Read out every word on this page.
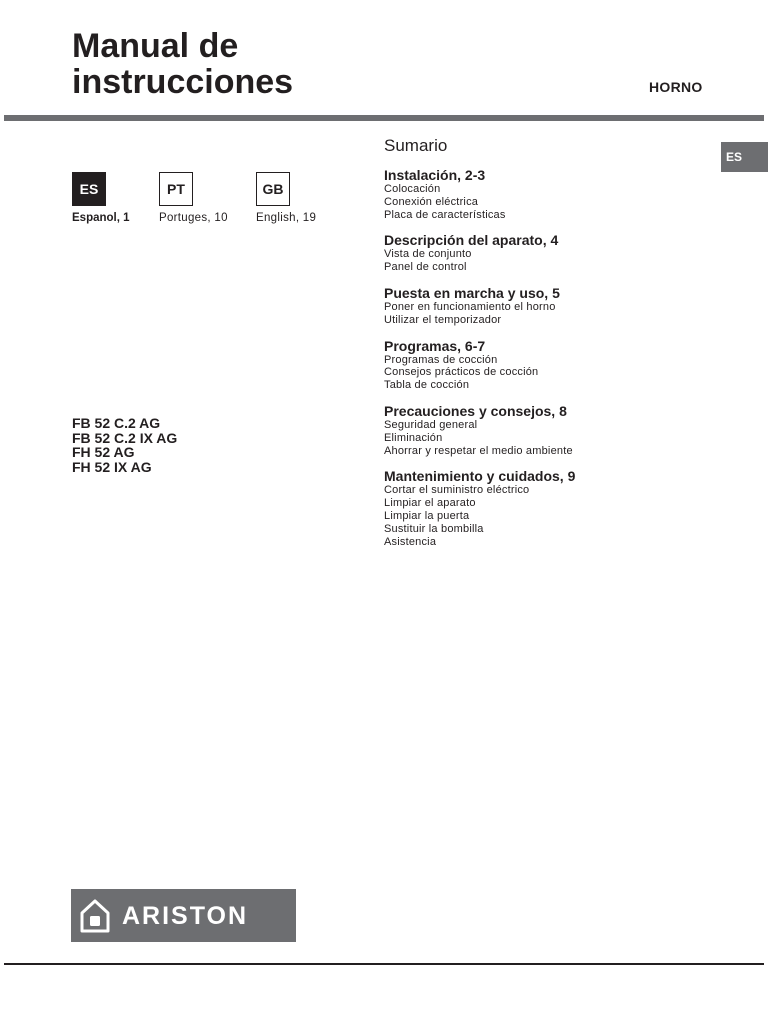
Manual de
instrucciones	HORNO
ES
ES
Espanol, 1
PT
Portuges, 10
GB
English, 19
FB 52 C.2 AG
FB 52 C.2 IX AG
FH 52 AG
FH 52 IX AG
Sumario
Instalación, 2-3
Colocación
Conexión eléctrica
Placa de características
Descripción del aparato, 4
Vista de conjunto
Panel de control
Puesta en marcha y uso, 5
Poner en funcionamiento el horno
Utilizar el temporizador
Programas, 6-7
Programas de cocción
Consejos prácticos de cocción
Tabla de cocción
Precauciones y consejos, 8
Seguridad general
Eliminación
Ahorrar y respetar el medio ambiente
Mantenimiento y cuidados, 9
Cortar el suministro eléctrico
Limpiar el aparato
Limpiar la puerta
Sustituir la bombilla
Asistencia
ARISTON
